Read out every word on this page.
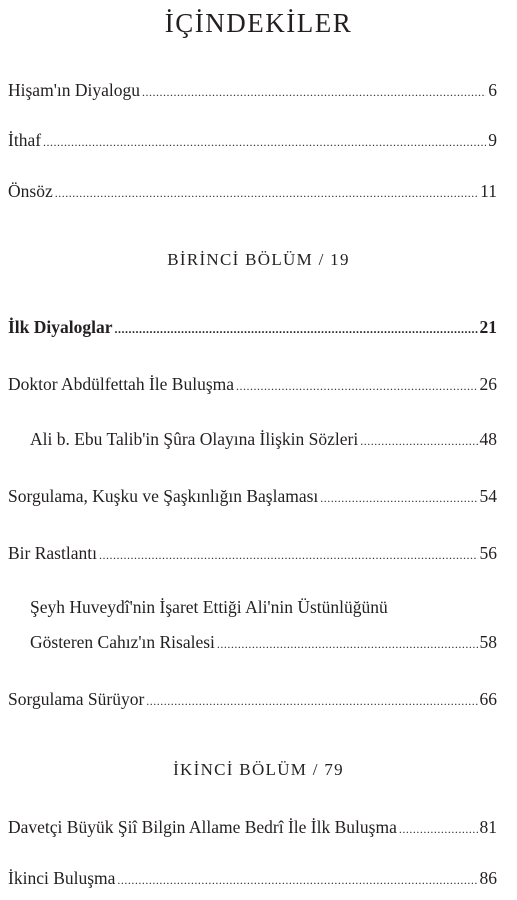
İÇİNDEKİLER
Hişam'ın Diyalogu .....	6
İthaf .....	9
Önsöz .....	11
BİRİNCİ BÖLÜM / 19
İlk Diyaloglar .....	21
Doktor Abdülfettah İle Buluşma .....	26
Ali b. Ebu Talib'in Şûra Olayına İlişkin Sözleri .....	48
Sorgulama, Kuşku ve Şaşkınlığın Başlaması .....	54
Bir Rastlantı .....	56
Şeyh Huveydî'nin İşaret Ettiği Ali'nin Üstünlüğünü
Gösteren Cahız'ın Risalesi .....	58
Sorgulama Sürüyor .....	66
İKİNCİ BÖLÜM / 79
Davetçi Büyük Şiî Bilgin Allame Bedrî İle İlk Buluşma .....	81
İkinci Buluşma .....	86
